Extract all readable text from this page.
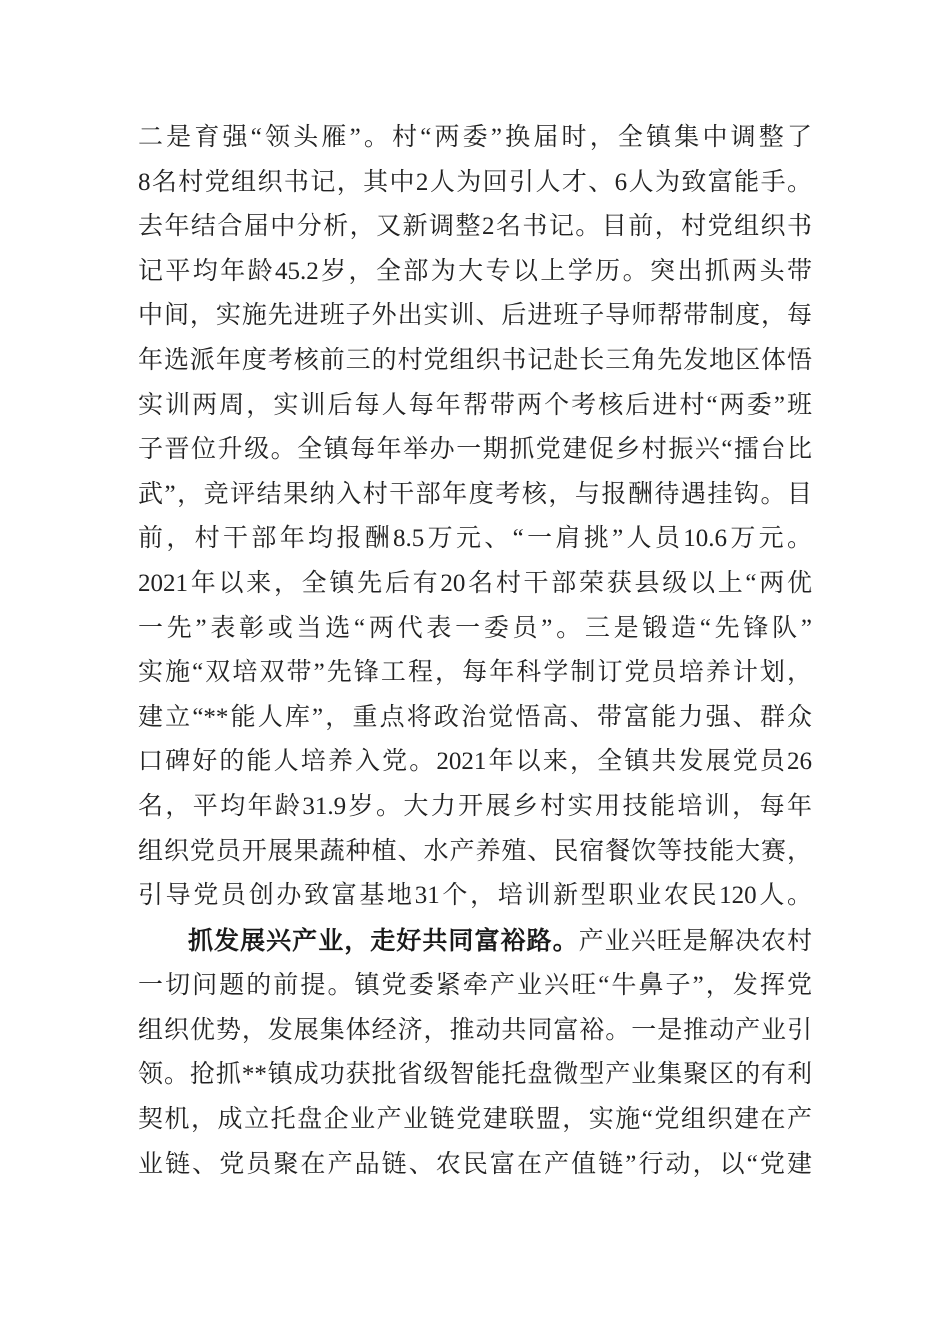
二是育强“领头雁”。村“两委”换届时，全镇集中调整了
8名村党组织书记，其中2人为回引人才、6人为致富能手。
去年结合届中分析，又新调整2名书记。目前，村党组织书
记平均年龄45.2岁，全部为大专以上学历。突出抓两头带
中间，实施先进班子外出实训、后进班子导师帮带制度，每
年选派年度考核前三的村党组织书记赴长三角先发地区体悟
实训两周，实训后每人每年帮带两个考核后进村“两委”班
子晋位升级。全镇每年举办一期抓党建促乡村振兴“擂台比
武”，竞评结果纳入村干部年度考核，与报酬待遇挂钩。目
前，村干部年均报酬8.5万元、“一肩挑”人员10.6万元。
2021年以来，全镇先后有20名村干部荣获县级以上“两优
一先”表彰或当选“两代表一委员”。三是锻造“先锋队”
实施“双培双带”先锋工程，每年科学制订党员培养计划，
建立“**能人库”，重点将政治觉悟高、带富能力强、群众
口碑好的能人培养入党。2021年以来，全镇共发展党员26
名，平均年龄31.9岁。大力开展乡村实用技能培训，每年
组织党员开展果蔬种植、水产养殖、民宿餐饮等技能大赛，
引导党员创办致富基地31个，培训新型职业农民120人。
抓发展兴产业，走好共同富裕路。产业兴旺是解决农村
一切问题的前提。镇党委紧牵产业兴旺“牛鼻子”，发挥党
组织优势，发展集体经济，推动共同富裕。一是推动产业引
领。抢抓**镇成功获批省级智能托盘微型产业集聚区的有利
契机，成立托盘企业产业链党建联盟，实施“党组织建在产
业链、党员聚在产品链、农民富在产值链”行动，以“党建
